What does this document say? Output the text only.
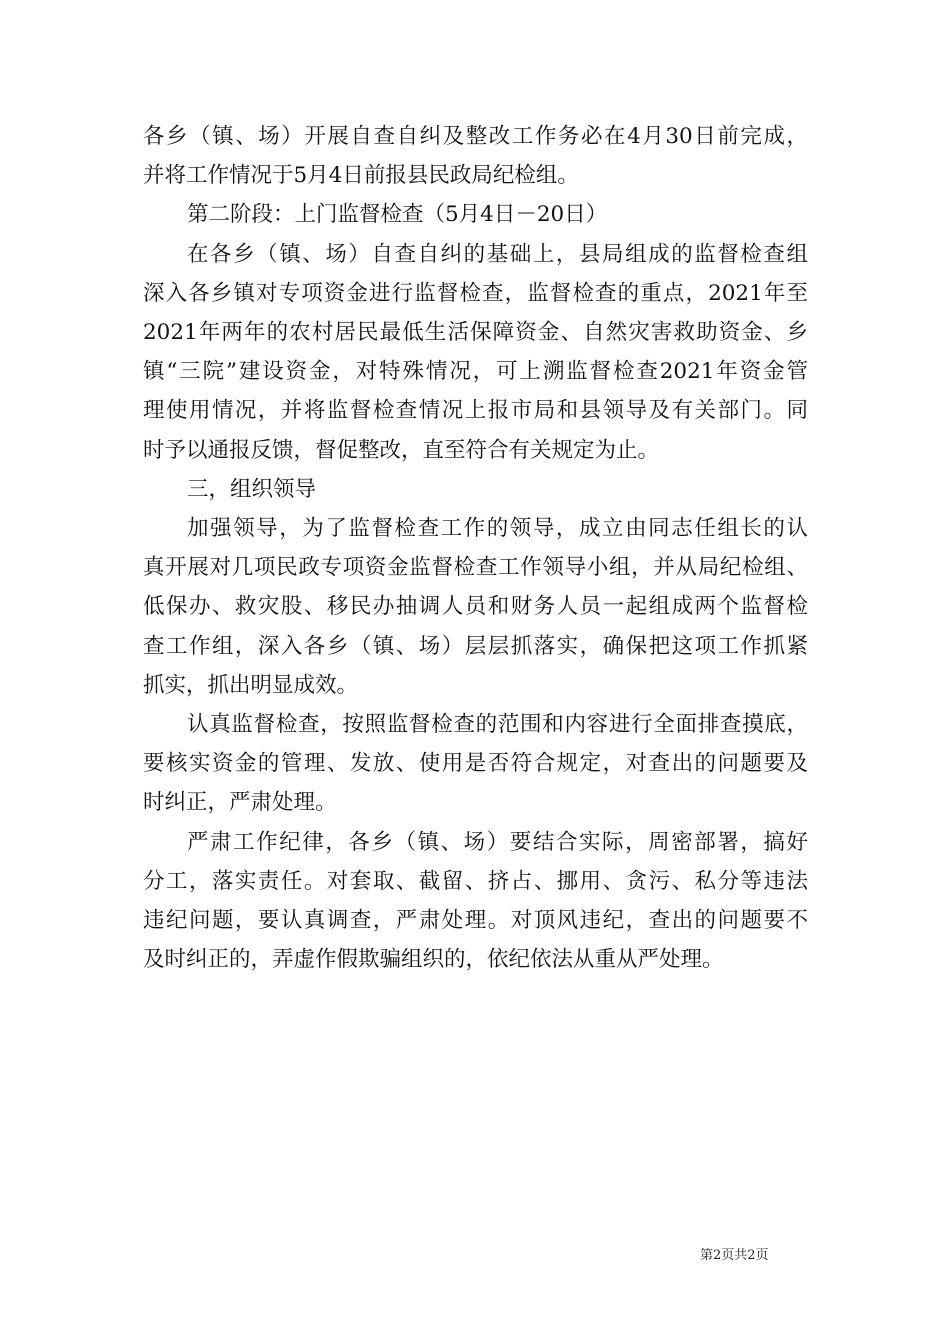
各乡（镇、场）开展自查自纠及整改工作务必在4月30日前完成，
并将工作情况于5月4日前报县民政局纪检组。
第二阶段：上门监督检查（5月4日－20日）
在各乡（镇、场）自查自纠的基础上，县局组成的监督检查组
深入各乡镇对专项资金进行监督检查，监督检查的重点，2021年至
2021年两年的农村居民最低生活保障资金、自然灾害救助资金、乡
镇“三院”建设资金，对特殊情况，可上溯监督检查2021年资金管
理使用情况，并将监督检查情况上报市局和县领导及有关部门。同
时予以通报反馈，督促整改，直至符合有关规定为止。
三，组织领导
加强领导，为了监督检查工作的领导，成立由同志任组长的认
真开展对几项民政专项资金监督检查工作领导小组，并从局纪检组、
低保办、救灾股、移民办抽调人员和财务人员一起组成两个监督检
查工作组，深入各乡（镇、场）层层抓落实，确保把这项工作抓紧
抓实，抓出明显成效。
认真监督检查，按照监督检查的范围和内容进行全面排查摸底，
要核实资金的管理、发放、使用是否符合规定，对查出的问题要及
时纠正，严肃处理。
严肃工作纪律，各乡（镇、场）要结合实际，周密部署，搞好
分工，落实责任。对套取、截留、挤占、挪用、贪污、私分等违法
违纪问题，要认真调查，严肃处理。对顶风违纪，查出的问题要不
及时纠正的，弄虚作假欺骗组织的，依纪依法从重从严处理。
第2页共2页
